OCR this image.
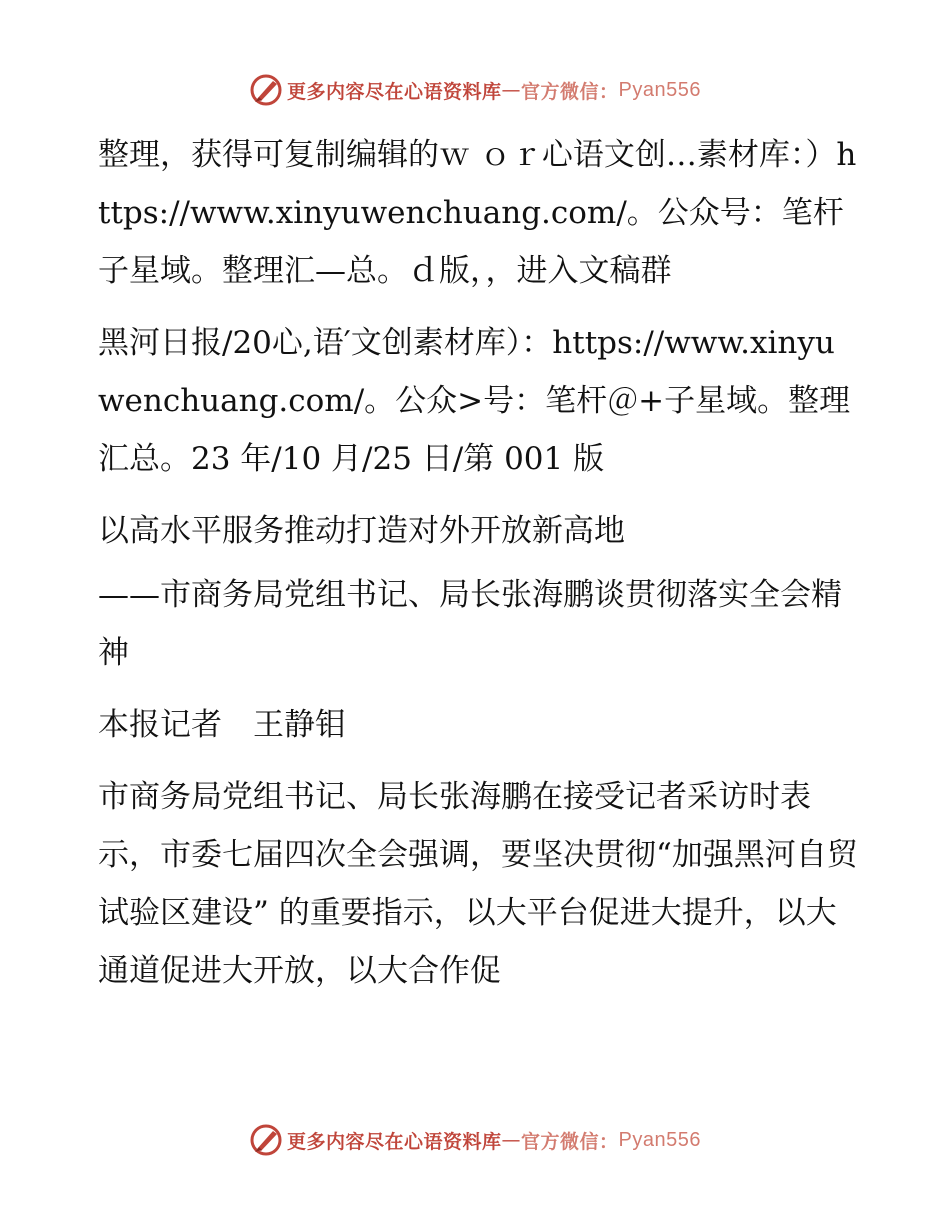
更多内容尽在心语资料库 — 官方微信： Pyan556

整理，获得可复制编辑的ｗ ｏｒ心语文创…素材库：）https://www.xinyuwenchuang.com/。公众号：笔杆子星域。整理汇—总。ｄ版，，进入文稿群

黑河日报/20心,语′文创素材库）：https://www.xinyuwenchuang.com/。公众>号：笔杆＠+子星域。整理汇总。23 年/10 月/25 日/第 001 版

以高水平服务推动打造对外开放新高地

——市商务局党组书记、局长张海鹏谈贯彻落实全会精神

本报记者　王静钼

市商务局党组书记、局长张海鹏在接受记者采访时表示，市委七届四次全会强调，要坚决贯彻“加强黑河自贸试验区建设” 的重要指示，以大平台促进大提升，以大通道促进大开放，以大合作促

更多内容尽在心语资料库 — 官方微信： Pyan556
